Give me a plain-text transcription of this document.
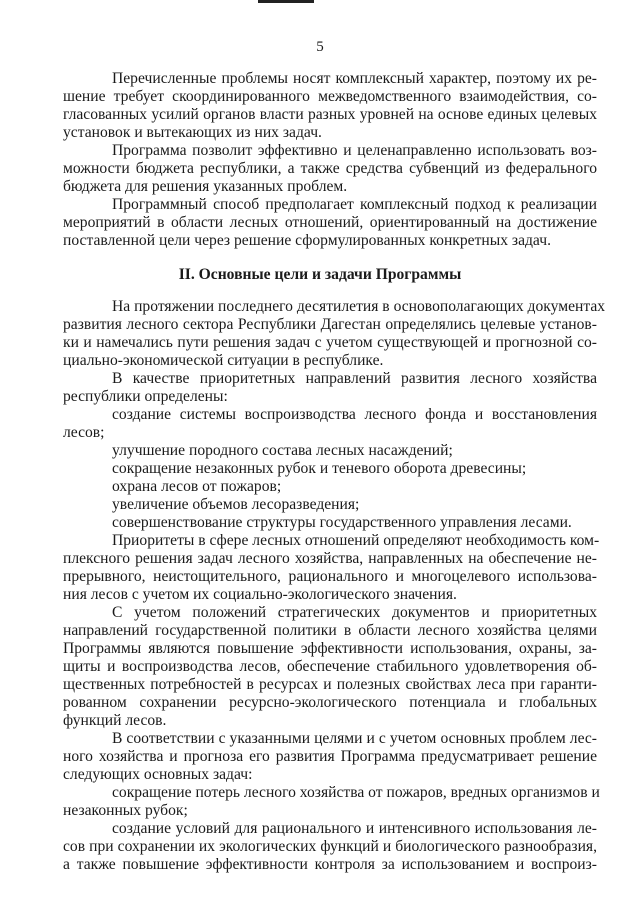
5
Перечисленные проблемы носят комплексный характер, поэтому их ре-
шение требует скоординированного межведомственного взаимодействия, со-
гласованных усилий органов власти разных уровней на основе единых целевых
установок и вытекающих из них задач.
Программа позволит эффективно и целенаправленно использовать воз-
можности бюджета республики, а также средства субвенций из федерального
бюджета для решения указанных проблем.
Программный способ предполагает комплексный подход к реализации
мероприятий в области лесных отношений, ориентированный на достижение
поставленной цели через решение сформулированных конкретных задач.
II. Основные цели и задачи Программы
На протяжении последнего десятилетия в основополагающих документах
развития лесного сектора Республики Дагестан определялись целевые установ-
ки и намечались пути решения задач с учетом существующей и прогнозной со-
циально-экономической ситуации в республике.
В качестве приоритетных направлений развития лесного хозяйства
республики определены:
создание системы воспроизводства лесного фонда и восстановления
лесов;
улучшение породного состава лесных насаждений;
сокращение незаконных рубок и теневого оборота древесины;
охрана лесов от пожаров;
увеличение объемов лесоразведения;
совершенствование структуры государственного управления лесами.
Приоритеты в сфере лесных отношений определяют необходимость ком-
плексного решения задач лесного хозяйства, направленных на обеспечение не-
прерывного, неистощительного, рационального и многоцелевого использова-
ния лесов с учетом их социально-экологического значения.
С учетом положений стратегических документов и приоритетных
направлений государственной политики в области лесного хозяйства целями
Программы являются повышение эффективности использования, охраны, за-
щиты и воспроизводства лесов, обеспечение стабильного удовлетворения об-
щественных потребностей в ресурсах и полезных свойствах леса при гаранти-
рованном сохранении ресурсно-экологического потенциала и глобальных
функций лесов.
В соответствии с указанными целями и с учетом основных проблем лес-
ного хозяйства и прогноза его развития Программа предусматривает решение
следующих основных задач:
сокращение потерь лесного хозяйства от пожаров, вредных организмов и
незаконных рубок;
создание условий для рационального и интенсивного использования ле-
сов при сохранении их экологических функций и биологического разнообразия,
а также повышение эффективности контроля за использованием и воспроиз-
